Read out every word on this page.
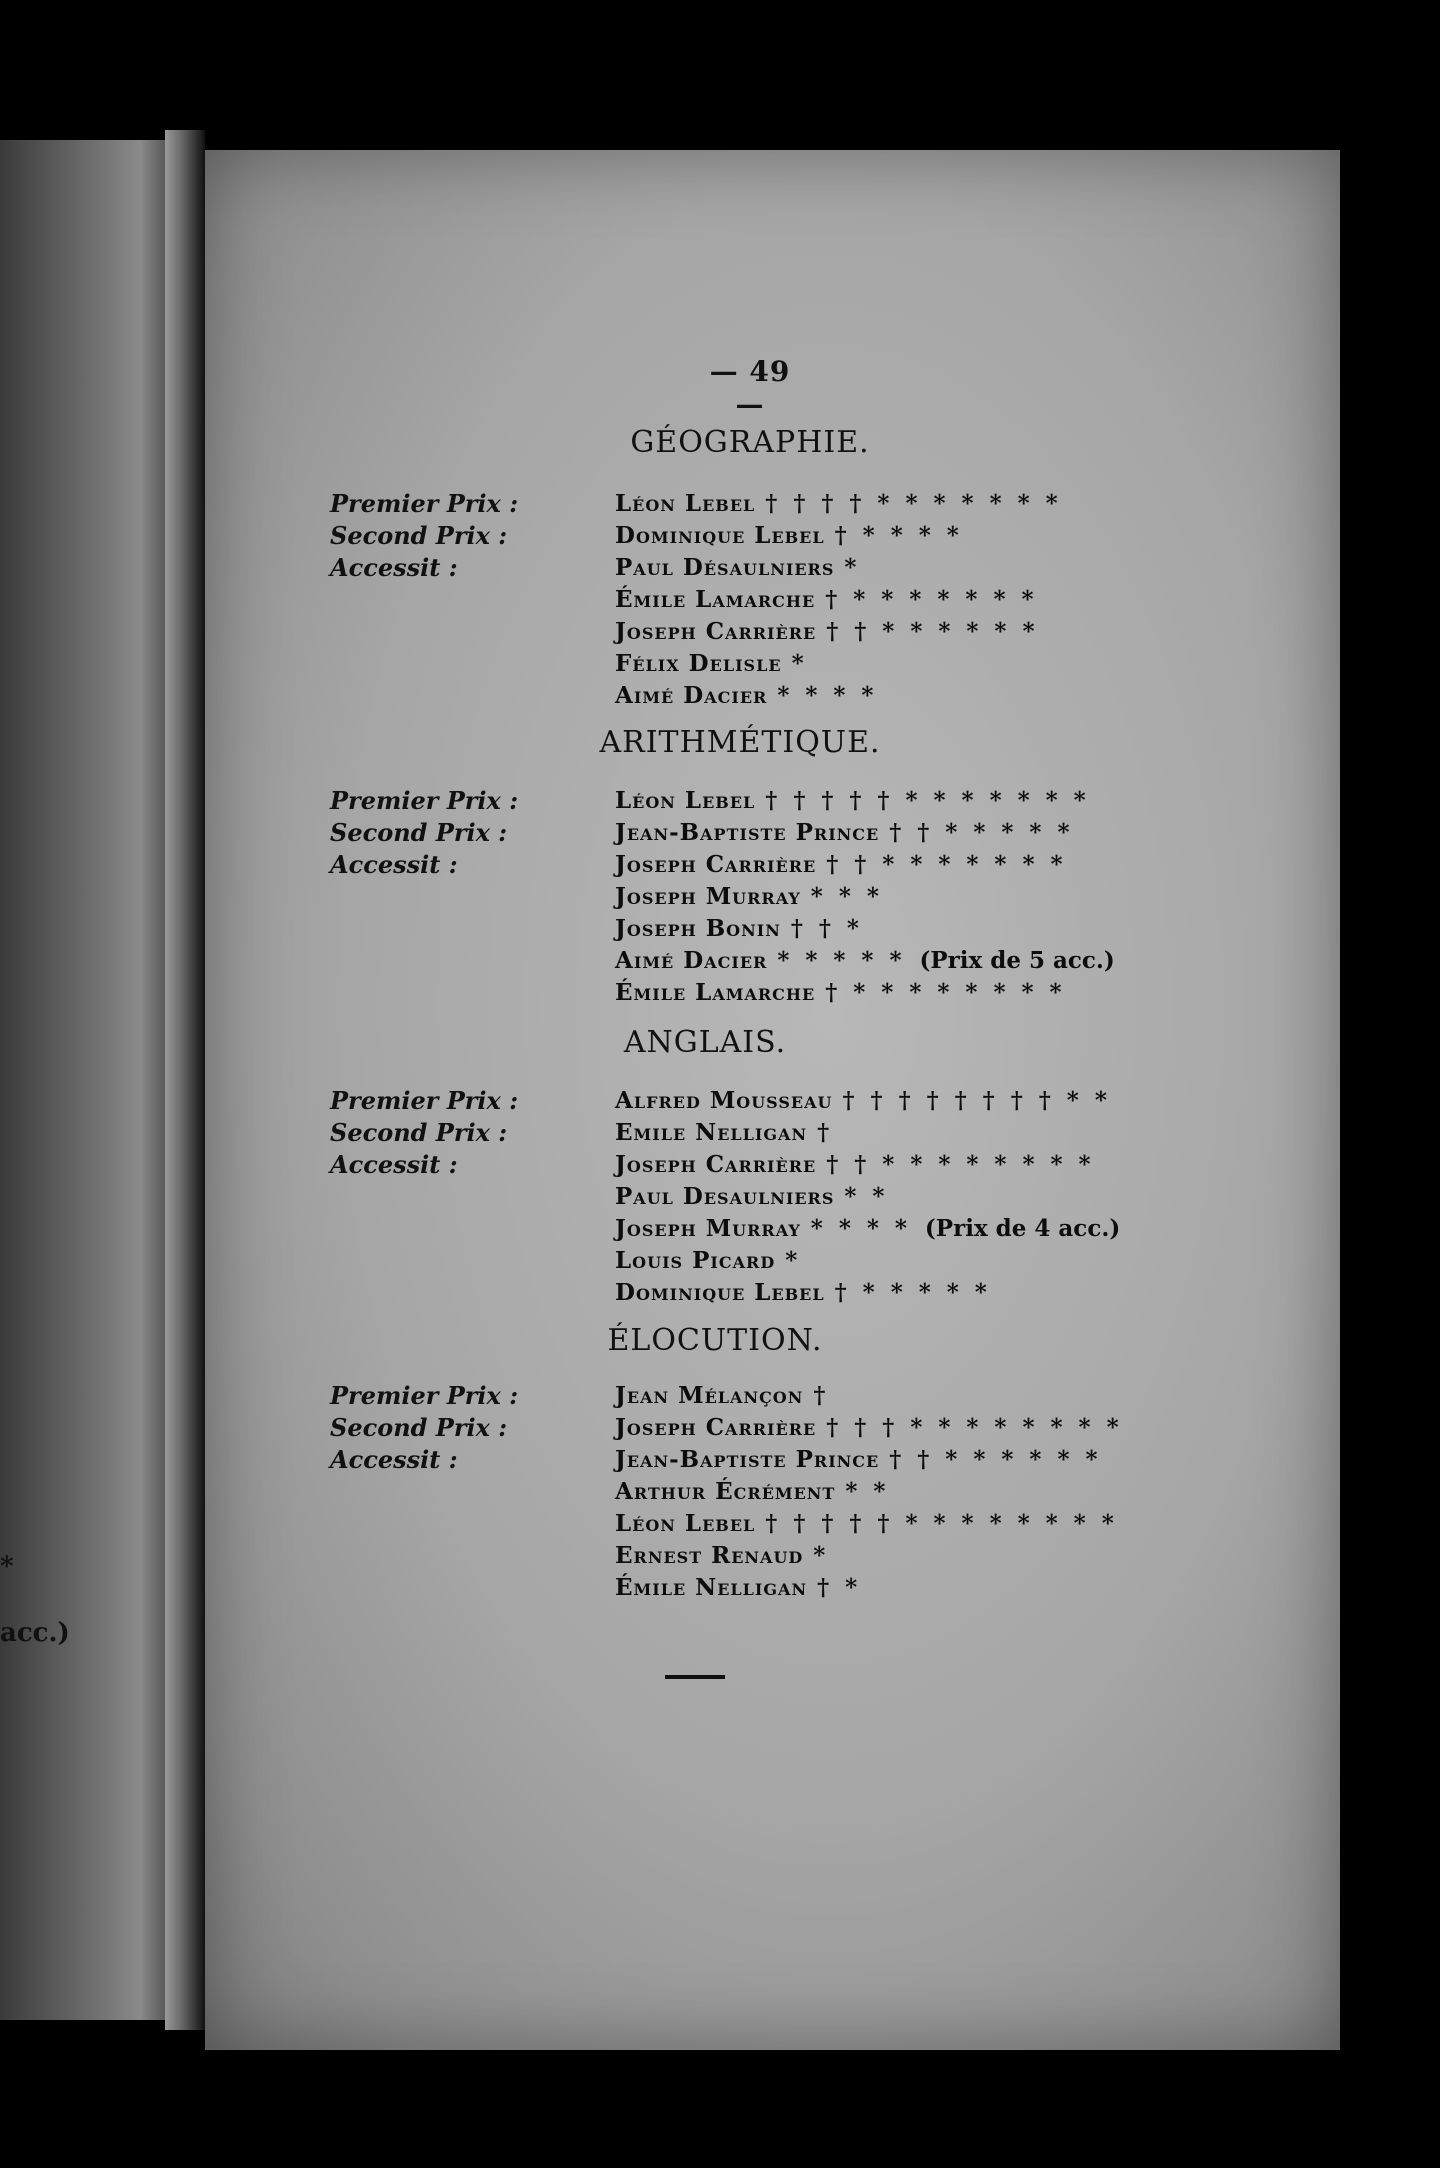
*
acc.)
— 49 —
GÉOGRAPHIE.
Premier Prix :
Second Prix :
Accessit :
Léon Lebel † † † † * * * * * * *
Dominique Lebel † * * * *
Paul Désaulniers *
Émile Lamarche † * * * * * * *
Joseph Carrière † † * * * * * *
Félix Delisle *
Aimé Dacier * * * *
ARITHMÉTIQUE.
Premier Prix :
Second Prix :
Accessit :
Léon Lebel † † † † † * * * * * * *
Jean-Baptiste Prince † † * * * * *
Joseph Carrière † † * * * * * * *
Joseph Murray * * *
Joseph Bonin † † *
Aimé Dacier * * * * * (Prix de 5 acc.)
Émile Lamarche † * * * * * * * *
ANGLAIS.
Premier Prix :
Second Prix :
Accessit :
Alfred Mousseau † † † † † † † † * *
Emile Nelligan †
Joseph Carrière † † * * * * * * * *
Paul Desaulniers * *
Joseph Murray * * * * (Prix de 4 acc.)
Louis Picard *
Dominique Lebel † * * * * *
ÉLOCUTION.
Premier Prix :
Second Prix :
Accessit :
Jean Mélançon †
Joseph Carrière † † † * * * * * * * *
Jean-Baptiste Prince † † * * * * * *
Arthur Écrément * *
Léon Lebel † † † † † * * * * * * * *
Ernest Renaud *
Émile Nelligan † *
